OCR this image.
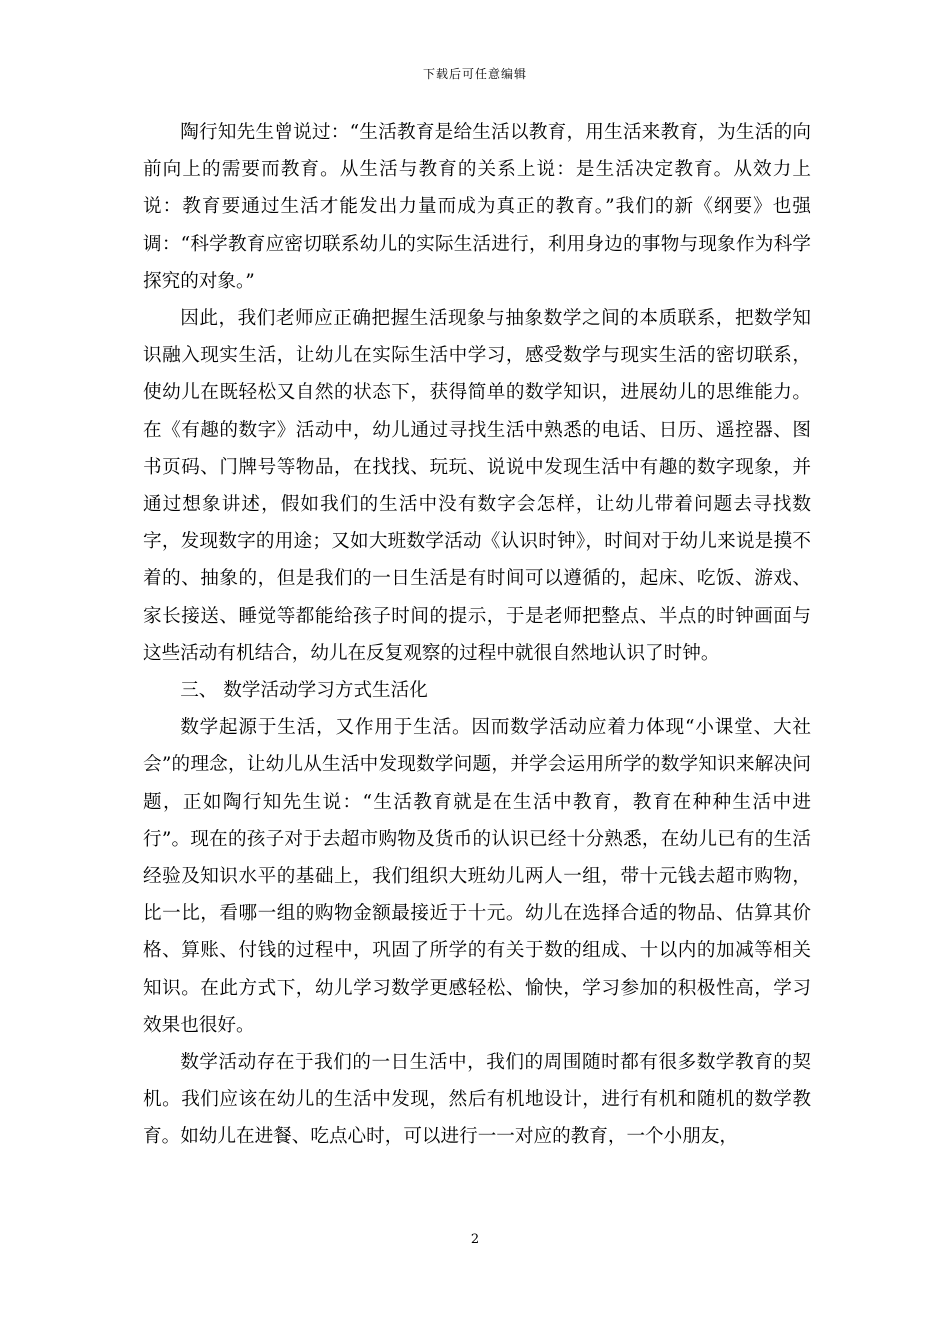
下载后可任意编辑

陶行知先生曾说过：“生活教育是给生活以教育，用生活来教育，为生活的向前向上的需要而教育。从生活与教育的关系上说：是生活决定教育。从效力上说：教育要通过生活才能发出力量而成为真正的教育。”我们的新《纲要》也强调：“科学教育应密切联系幼儿的实际生活进行，利用身边的事物与现象作为科学探究的对象。”

因此，我们老师应正确把握生活现象与抽象数学之间的本质联系，把数学知识融入现实生活，让幼儿在实际生活中学习，感受数学与现实生活的密切联系，使幼儿在既轻松又自然的状态下，获得简单的数学知识，进展幼儿的思维能力。在《有趣的数字》活动中，幼儿通过寻找生活中熟悉的电话、日历、遥控器、图书页码、门牌号等物品，在找找、玩玩、说说中发现生活中有趣的数字现象，并通过想象讲述，假如我们的生活中没有数字会怎样，让幼儿带着问题去寻找数字，发现数字的用途；又如大班数学活动《认识时钟》，时间对于幼儿来说是摸不着的、抽象的，但是我们的一日生活是有时间可以遵循的，起床、吃饭、游戏、家长接送、睡觉等都能给孩子时间的提示，于是老师把整点、半点的时钟画面与这些活动有机结合，幼儿在反复观察的过程中就很自然地认识了时钟。

三、 数学活动学习方式生活化

数学起源于生活，又作用于生活。因而数学活动应着力体现“小课堂、大社会”的理念，让幼儿从生活中发现数学问题，并学会运用所学的数学知识来解决问题，正如陶行知先生说：“生活教育就是在生活中教育，教育在种种生活中进行”。现在的孩子对于去超市购物及货币的认识已经十分熟悉，在幼儿已有的生活经验及知识水平的基础上，我们组织大班幼儿两人一组，带十元钱去超市购物，比一比，看哪一组的购物金额最接近于十元。幼儿在选择合适的物品、估算其价格、算账、付钱的过程中，巩固了所学的有关于数的组成、十以内的加减等相关知识。在此方式下，幼儿学习数学更感轻松、愉快，学习参加的积极性高，学习效果也很好。

数学活动存在于我们的一日生活中，我们的周围随时都有很多数学教育的契机。我们应该在幼儿的生活中发现，然后有机地设计，进行有机和随机的数学教育。如幼儿在进餐、吃点心时，可以进行一一对应的教育，一个小朋友，

2
